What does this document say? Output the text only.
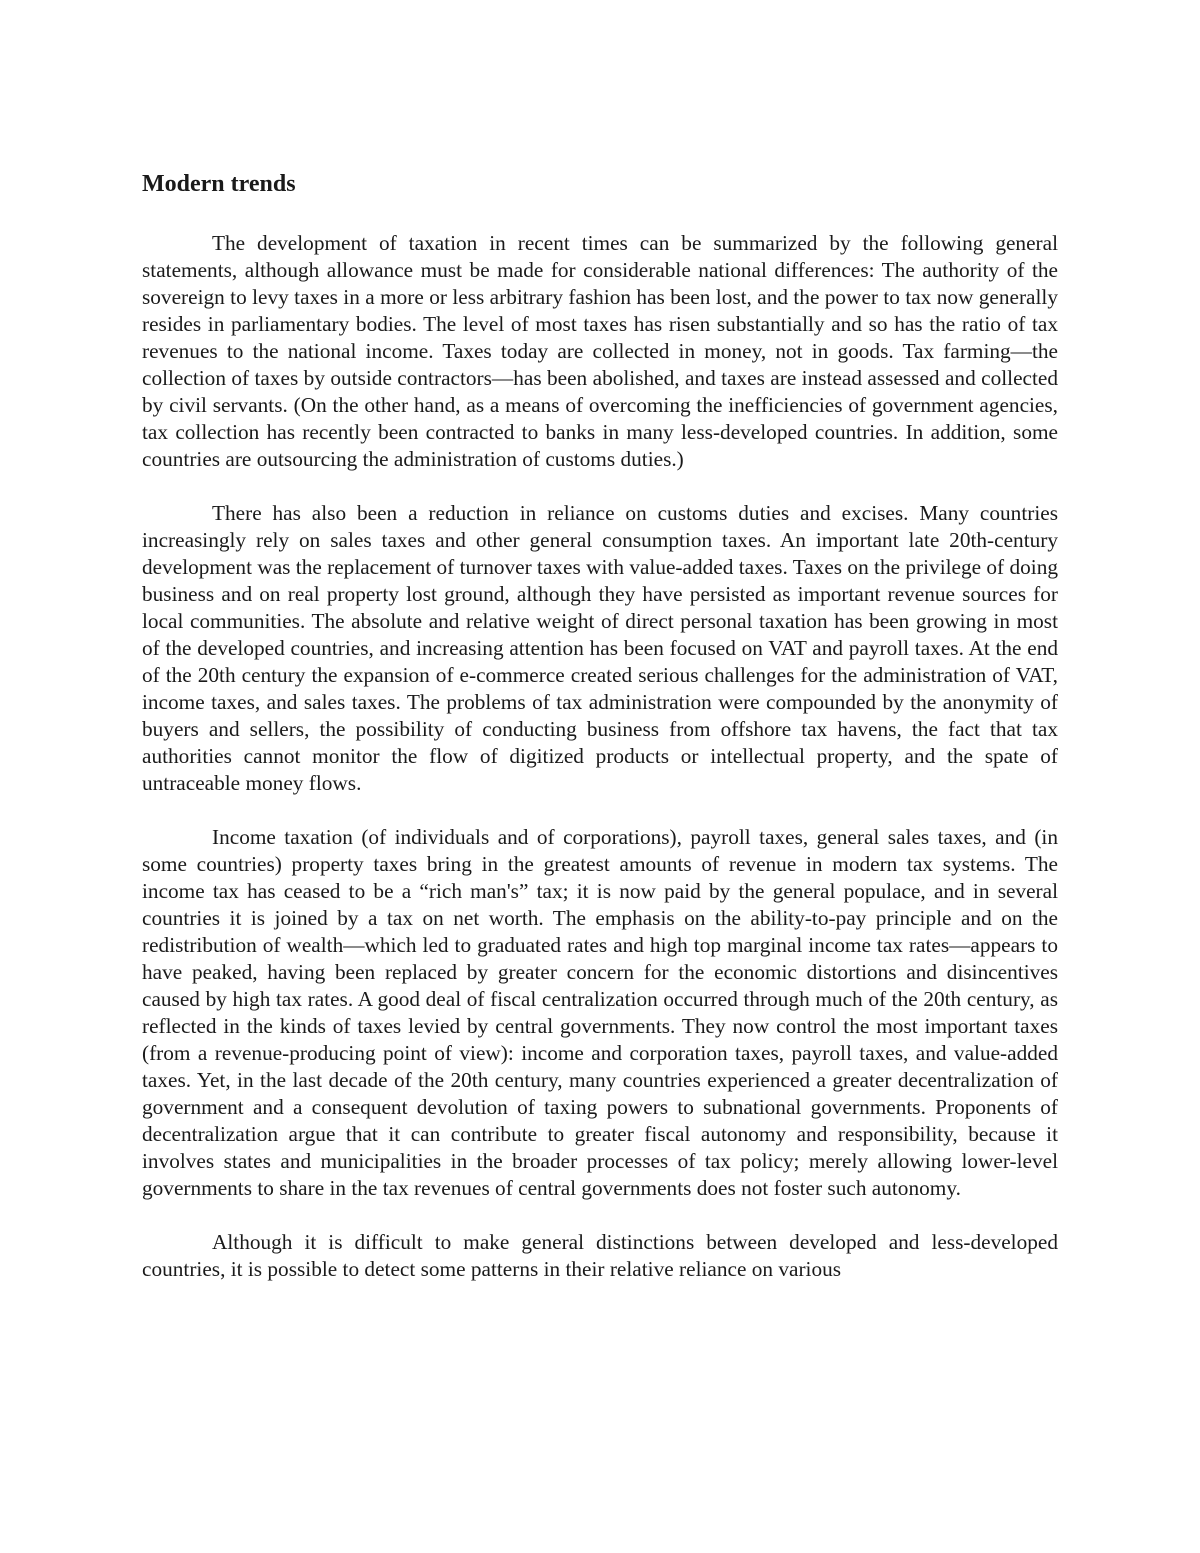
Modern trends

The development of taxation in recent times can be summarized by the following general statements, although allowance must be made for considerable national differences: The authority of the sovereign to levy taxes in a more or less arbitrary fashion has been lost, and the power to tax now generally resides in parliamentary bodies. The level of most taxes has risen substantially and so has the ratio of tax revenues to the national income. Taxes today are collected in money, not in goods. Tax farming—the collection of taxes by outside contractors—has been abolished, and taxes are instead assessed and collected by civil servants. (On the other hand, as a means of overcoming the inefficiencies of government agencies, tax collection has recently been contracted to banks in many less-developed countries. In addition, some countries are outsourcing the administration of customs duties.)

There has also been a reduction in reliance on customs duties and excises. Many countries increasingly rely on sales taxes and other general consumption taxes. An important late 20th-century development was the replacement of turnover taxes with value-added taxes. Taxes on the privilege of doing business and on real property lost ground, although they have persisted as important revenue sources for local communities. The absolute and relative weight of direct personal taxation has been growing in most of the developed countries, and increasing attention has been focused on VAT and payroll taxes. At the end of the 20th century the expansion of e-commerce created serious challenges for the administration of VAT, income taxes, and sales taxes. The problems of tax administration were compounded by the anonymity of buyers and sellers, the possibility of conducting business from offshore tax havens, the fact that tax authorities cannot monitor the flow of digitized products or intellectual property, and the spate of untraceable money flows.

Income taxation (of individuals and of corporations), payroll taxes, general sales taxes, and (in some countries) property taxes bring in the greatest amounts of revenue in modern tax systems. The income tax has ceased to be a “rich man's” tax; it is now paid by the general populace, and in several countries it is joined by a tax on net worth. The emphasis on the ability-to-pay principle and on the redistribution of wealth—which led to graduated rates and high top marginal income tax rates—appears to have peaked, having been replaced by greater concern for the economic distortions and disincentives caused by high tax rates. A good deal of fiscal centralization occurred through much of the 20th century, as reflected in the kinds of taxes levied by central governments. They now control the most important taxes (from a revenue-producing point of view): income and corporation taxes, payroll taxes, and value-added taxes. Yet, in the last decade of the 20th century, many countries experienced a greater decentralization of government and a consequent devolution of taxing powers to subnational governments. Proponents of decentralization argue that it can contribute to greater fiscal autonomy and responsibility, because it involves states and municipalities in the broader processes of tax policy; merely allowing lower-level governments to share in the tax revenues of central governments does not foster such autonomy.

Although it is difficult to make general distinctions between developed and less-developed countries, it is possible to detect some patterns in their relative reliance on various
